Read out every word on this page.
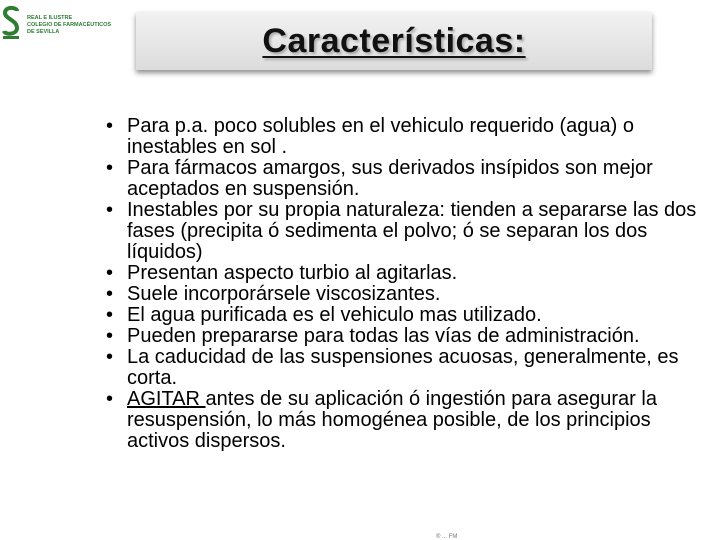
REAL E ILUSTRE
COLEGIO DE FARMACÉUTICOS
DE SEVILLA	Características:
• Para p.a. poco solubles en el vehiculo requerido (agua) o inestables en sol .
• Para fármacos amargos, sus derivados insípidos son mejor aceptados en suspensión.
• Inestables por su propia naturaleza: tienden a separarse las dos fases (precipita ó sedimenta el polvo; ó se separan los dos líquidos)
• Presentan aspecto turbio al agitarlas.
• Suele incorporársele viscosizantes.
• El agua purificada es el vehiculo mas utilizado.
• Pueden prepararse para todas las vías de administración.
• La caducidad de las suspensiones acuosas, generalmente, es corta.
• AGITAR antes de su aplicación ó ingestión para asegurar la resuspensión, lo más homogénea posible, de los principios activos dispersos.
® ... FM
